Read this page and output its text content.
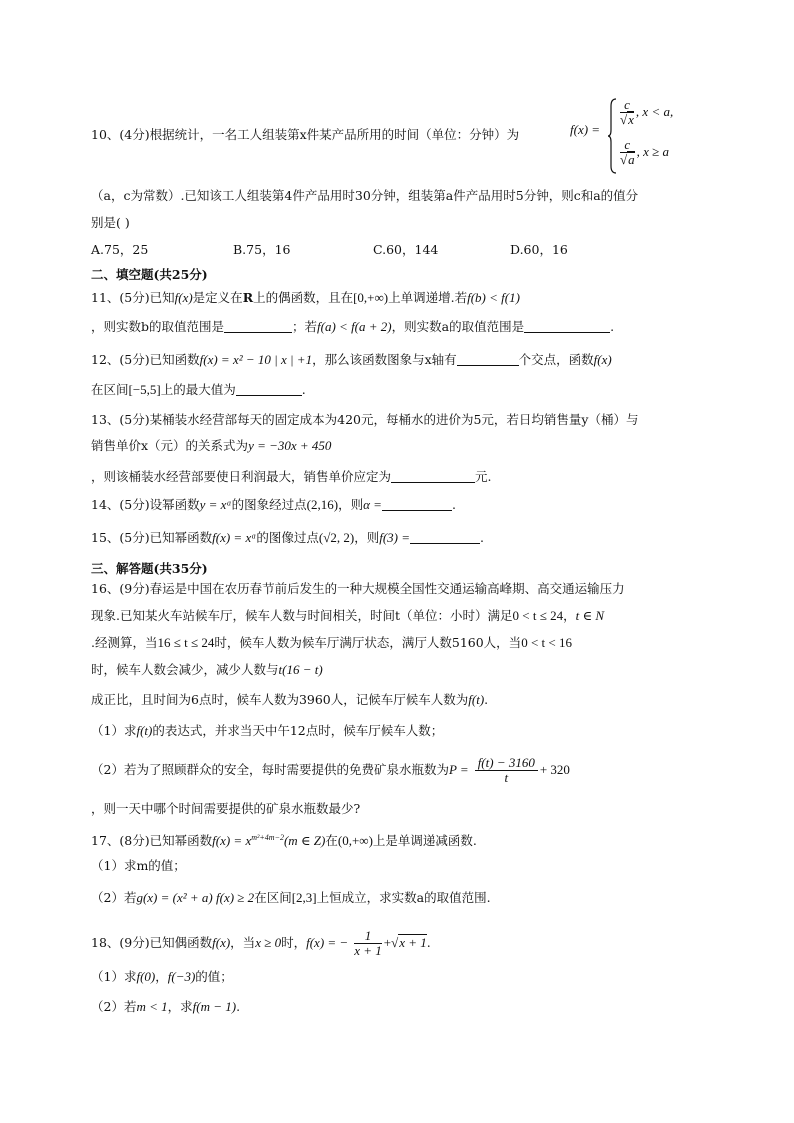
10、(4分)根据统计，一名工人组装第x件某产品所用的时间（单位：分钟）为	f(x) =
$\frac{c}{√x}$ , x < a,
$\frac{c}{√a}$ , x ≥ a
（a，c为常数）.已知该工人组装第4件产品用时30分钟，组装第a件产品用时5分钟，则c和a的值分
别是( )
A.75，25	B.75，16	C.60，144	D.60，16
二、填空题(共25分)
11、(5分)已知f(x)是定义在R上的偶函数，且在[0,+∞)上单调递增.若f(b) < f(1)
，则实数b的取值范围是	；若f(a) < f(a + 2)，则实数a的取值范围是	.
12、(5分)已知函数f(x) = x² − 10 | x | +1，那么该函数图象与x轴有	个交点，函数f(x)
在区间[−5,5]上的最大值为	.
13、(5分)某桶装水经营部每天的固定成本为420元，每桶水的进价为5元，若日均销售量y（桶）与
销售单价x（元）的关系式为y = −30x + 450
，则该桶装水经营部要使日利润最大，销售单价应定为	元.
14、(5分)设幂函数y = xᵅ的图象经过点(2,16)，则α =	.
15、(5分)已知幂函数f(x) = xᵅ的图像过点(√2, 2)，则f(3) =	.
三、解答题(共35分)
16、(9分)春运是中国在农历春节前后发生的一种大规模全国性交通运输高峰期、高交通运输压力
现象.已知某火车站候车厅，候车人数与时间相关，时间t（单位：小时）满足0 < t ≤ 24，t ∈ N
.经测算，当16 ≤ t ≤ 24时，候车人数为候车厅满厅状态，满厅人数5160人，当0 < t < 16
时，候车人数会减少，减少人数与t(16 − t)
成正比，且时间为6点时，候车人数为3960人，记候车厅候车人数为f(t).
（1）求f(t)的表达式，并求当天中午12点时，候车厅候车人数；
（2）若为了照顾群众的安全，每时需要提供的免费矿泉水瓶数为$P = \frac{f(t) - 3160}{t} + 320$
，则一天中哪个时间需要提供的矿泉水瓶数最少?
17、(8分)已知幂函数$f(x) = x^{m^2+4m-2}(m$ ∈ Z)在(0,+∞)上是单调递减函数.
（1）求m的值；
（2）若g(x) = (x² + a) f(x) ≥ 2在区间[2,3]上恒成立，求实数a的取值范围.
18、(9分)已知偶函数f(x)，当x ≥ 0时，f(x) = − $\frac{1}{x + 1} +√x + 1$.
（1）求f(0)，f(−3)的值；
（2）若m < 1，求f(m − 1).
